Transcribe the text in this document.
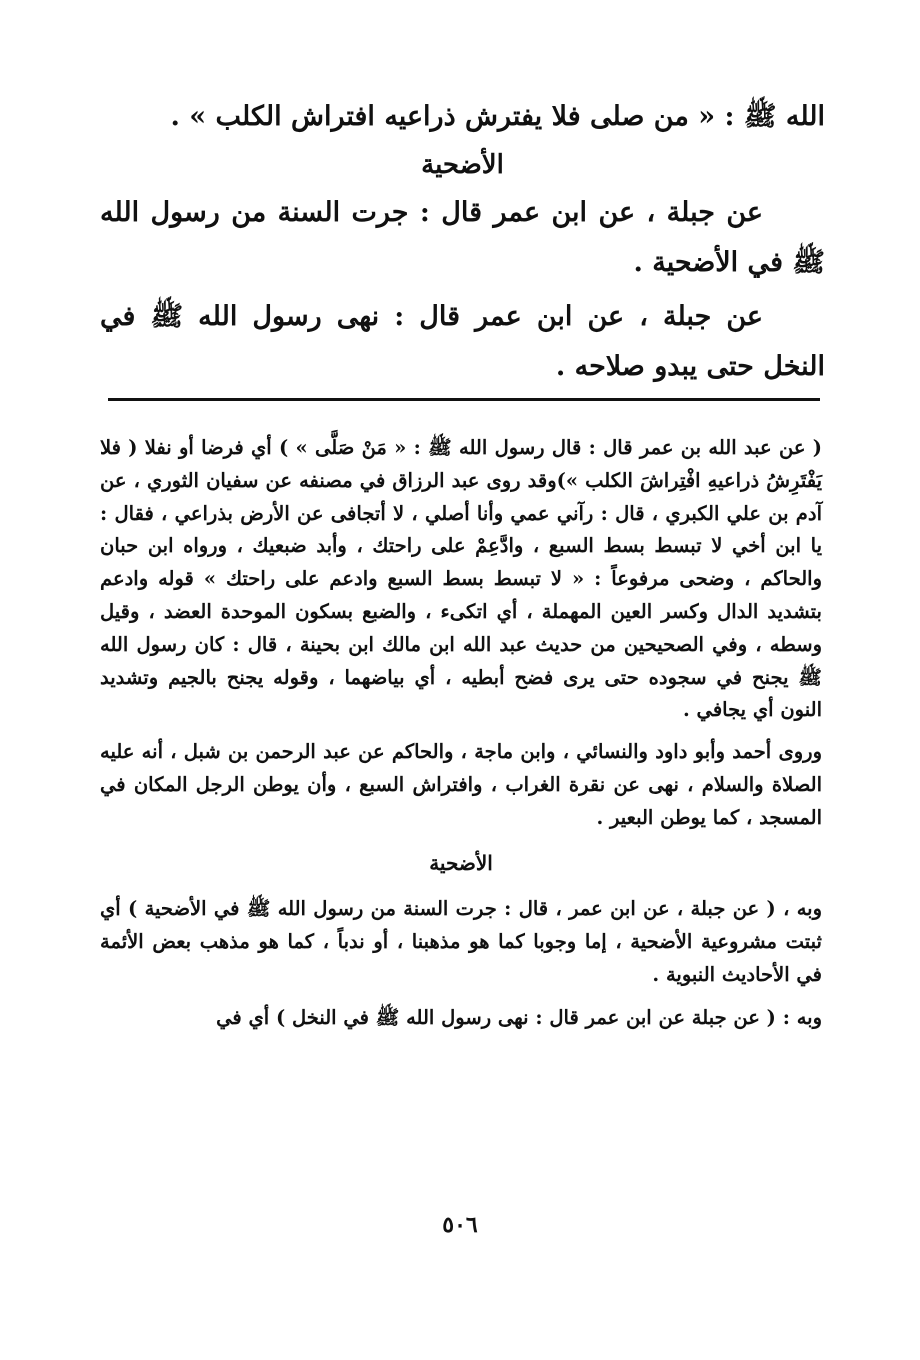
الله ﷺ : « من صلى فلا يفترش ذراعيه افتراش الكلب » .

الأضحية

عن جبلة ، عن ابن عمر قال : جرت السنة من رسول الله ﷺ في الأضحية .

عن جبلة ، عن ابن عمر قال : نهى رسول الله ﷺ في النخل حتى يبدو صلاحه .

( عن عبد الله بن عمر قال : قال رسول الله ﷺ : « مَنْ صَلَّى » ) أي فرضا أو نفلا ( فلا يَفْتَرِشُ ذراعيهِ افْتِراشَ الكلب »)وقد روى عبد الرزاق في مصنفه عن سفيان الثوري ، عن آدم بن علي الكبري ، قال : رآني عمي وأنا أصلي ، لا أتجافى عن الأرض بذراعي ، فقال : يا ابن أخي لا تبسط بسط السبع ، وادَّعِمْ على راحتك ، وأبد ضبعيك ، ورواه ابن حبان والحاكم ، وضحى مرفوعاً : « لا تبسط بسط السبع وادعم على راحتك » قوله وادعم بتشديد الدال وكسر العين المهملة ، أي اتكىء ، والضبع بسكون الموحدة العضد ، وقيل وسطه ، وفي الصحيحين من حديث عبد الله ابن مالك ابن بحينة ، قال : كان رسول الله ﷺ يجنح في سجوده حتى يرى فضح أبطيه ، أي بياضهما ، وقوله يجنح بالجيم وتشديد النون أي يجافي .

وروى أحمد وأبو داود والنسائي ، وابن ماجة ، والحاكم عن عبد الرحمن بن شبل ، أنه عليه الصلاة والسلام ، نهى عن نقرة الغراب ، وافتراش السبع ، وأن يوطن الرجل المكان في المسجد ، كما يوطن البعير .

الأضحية

وبه ، ( عن جبلة ، عن ابن عمر ، قال : جرت السنة من رسول الله ﷺ في الأضحية ) أي ثبتت مشروعية الأضحية ، إما وجوبا كما هو مذهبنا ، أو ندباً ، كما هو مذهب بعض الأئمة في الأحاديث النبوية .

وبه : ( عن جبلة عن ابن عمر قال : نهى رسول الله ﷺ في النخل ) أي في

٥٠٦
